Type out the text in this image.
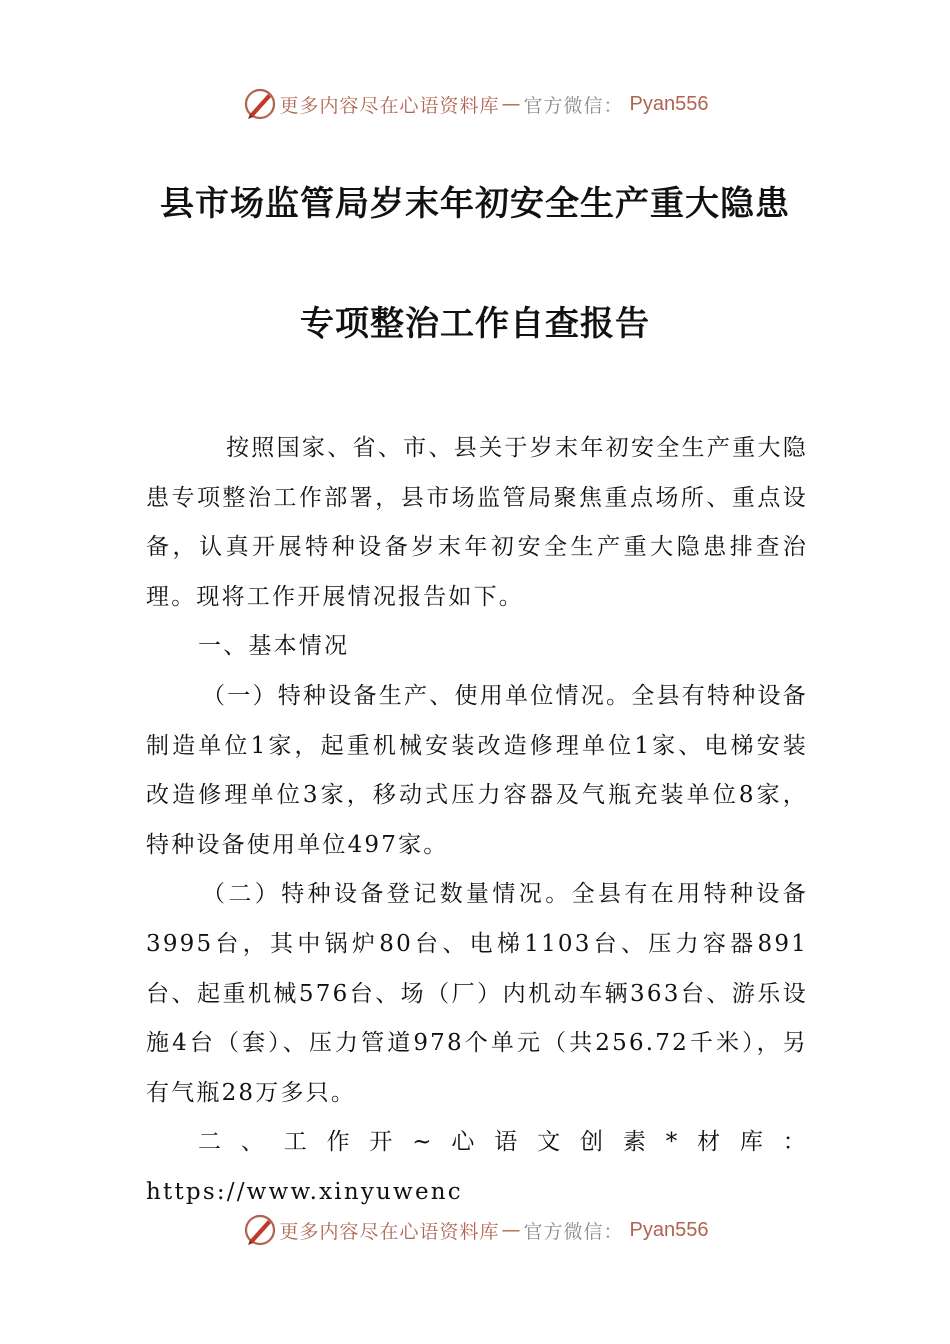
更多内容尽在心语资料库 — 官方微信： Pyan556
县市场监管局岁末年初安全生产重大隐患
专项整治工作自查报告

按照国家、省、市、县关于岁末年初安全生产重大隐患专项整治工作部署，县市场监管局聚焦重点场所、重点设备，认真开展特种设备岁末年初安全生产重大隐患排查治理。现将工作开展情况报告如下。

一、基本情况

（一）特种设备生产、使用单位情况。全县有特种设备制造单位1家，起重机械安装改造修理单位1家、电梯安装改造修理单位3家，移动式压力容器及气瓶充装单位8家，特种设备使用单位497家。

（二）特种设备登记数量情况。全县有在用特种设备3995台，其中锅炉80台、电梯1103台、压力容器891台、起重机械576台、场（厂）内机动车辆363台、游乐设施4台（套）、压力管道978个单元（共256.72千米），另有气瓶28万多只。

二、工作开~心语文创素*材库：https://www.xinyuwenc

更多内容尽在心语资料库 — 官方微信： Pyan556
